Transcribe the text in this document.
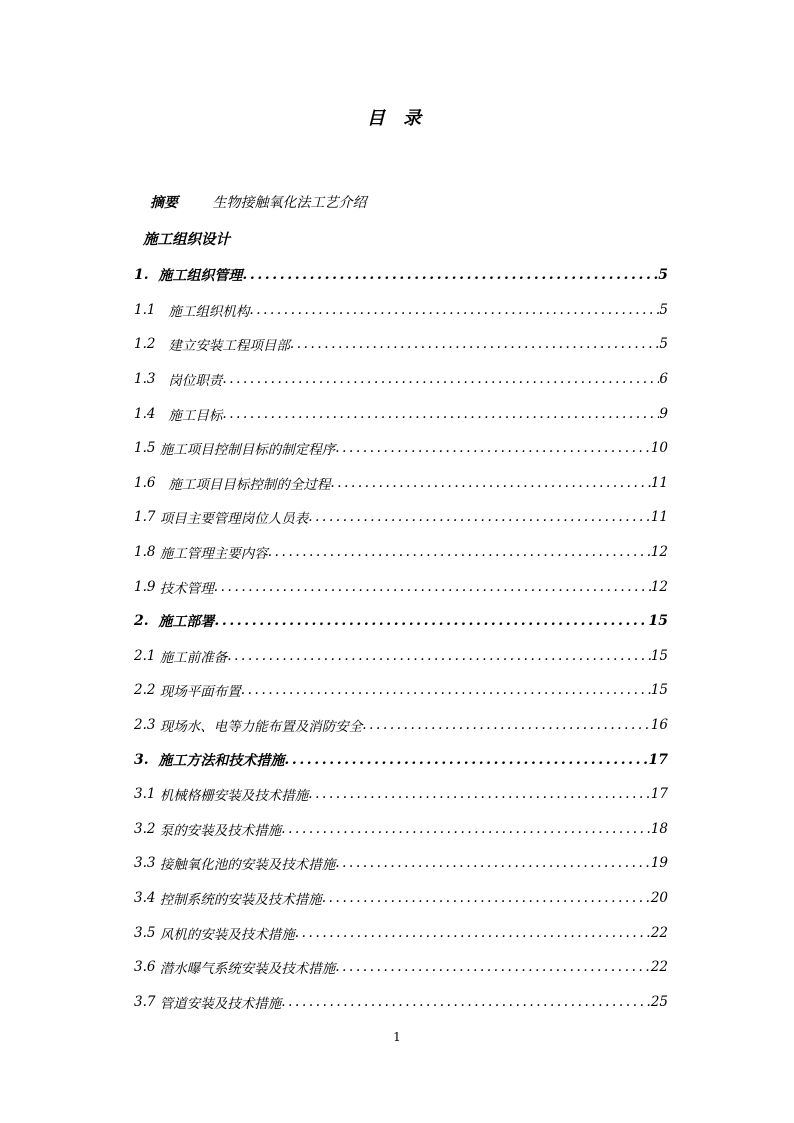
目 录
摘要 生物接触氧化法工艺介绍
施工组织设计
1. 施工组织管理 .....	5
1.1 施工组织机构 .....	5
1.2 建立安装工程项目部 .....	5
1.3 岗位职责 .....	6
1.4 施工目标 .....	9
1.5 施工项目控制目标的制定程序 .....	10
1.6 施工项目目标控制的全过程 .....	11
1.7 项目主要管理岗位人员表 .....	11
1.8 施工管理主要内容 .....	12
1.9 技术管理 .....	12
2. 施工部署 .....	15
2.1 施工前准备 .....	15
2.2 现场平面布置 .....	15
2.3 现场水、电等力能布置及消防安全 .....	16
3. 施工方法和技术措施 .....	17
3.1 机械格栅安装及技术措施 .....	17
3.2 泵的安装及技术措施 .....	18
3.3 接触氧化池的安装及技术措施 .....	19
3.4 控制系统的安装及技术措施 .....	20
3.5 风机的安装及技术措施 .....	22
3.6 潜水曝气系统安装及技术措施 .....	22
3.7 管道安装及技术措施 .....	25
1
